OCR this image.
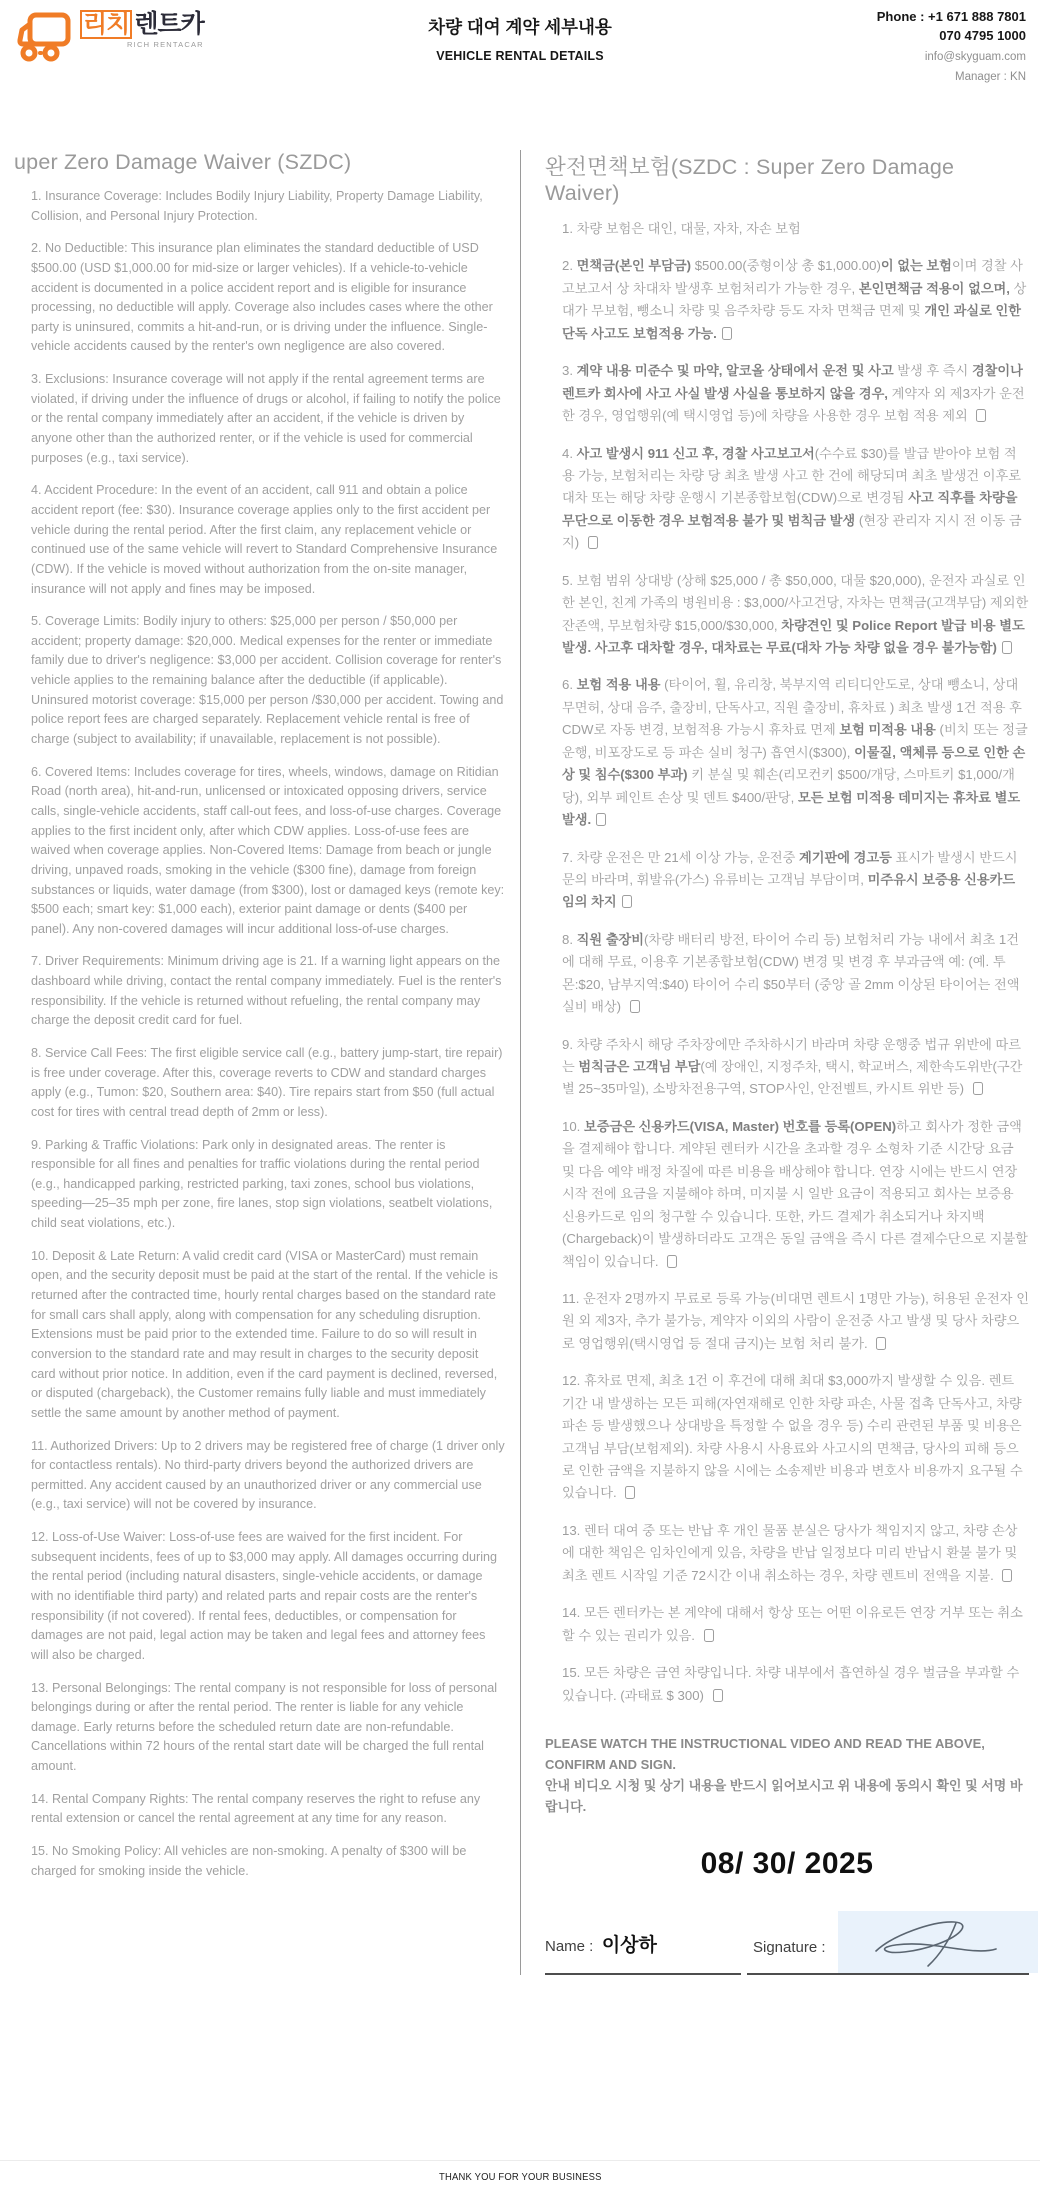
리치 렌트카
RICH RENTACAR
차량 대여 계약 세부내용
VEHICLE RENTAL DETAILS
Phone : +1 671 888 7801
070 4795 1000
info@skyguam.com
Manager : KN
uper Zero Damage Waiver (SZDC)

1. Insurance Coverage: Includes Bodily Injury Liability, Property Damage Liability, Collision, and Personal Injury Protection.

2. No Deductible: This insurance plan eliminates the standard deductible of USD $500.00 (USD $1,000.00 for mid-size or larger vehicles). If a vehicle-to-vehicle accident is documented in a police accident report and is eligible for insurance processing, no deductible will apply. Coverage also includes cases where the other party is uninsured, commits a hit-and-run, or is driving under the influence. Single-vehicle accidents caused by the renter's own negligence are also covered.

3. Exclusions: Insurance coverage will not apply if the rental agreement terms are violated, if driving under the influence of drugs or alcohol, if failing to notify the police or the rental company immediately after an accident, if the vehicle is driven by anyone other than the authorized renter, or if the vehicle is used for commercial purposes (e.g., taxi service).

4. Accident Procedure: In the event of an accident, call 911 and obtain a police accident report (fee: $30). Insurance coverage applies only to the first accident per vehicle during the rental period. After the first claim, any replacement vehicle or continued use of the same vehicle will revert to Standard Comprehensive Insurance (CDW). If the vehicle is moved without authorization from the on-site manager, insurance will not apply and fines may be imposed.

5. Coverage Limits: Bodily injury to others: $25,000 per person / $50,000 per accident; property damage: $20,000. Medical expenses for the renter or immediate family due to driver's negligence: $3,000 per accident. Collision coverage for renter's vehicle applies to the remaining balance after the deductible (if applicable). Uninsured motorist coverage: $15,000 per person /$30,000 per accident. Towing and police report fees are charged separately. Replacement vehicle rental is free of charge (subject to availability; if unavailable, replacement is not possible).

6. Covered Items: Includes coverage for tires, wheels, windows, damage on Ritidian Road (north area), hit-and-run, unlicensed or intoxicated opposing drivers, service calls, single-vehicle accidents, staff call-out fees, and loss-of-use charges. Coverage applies to the first incident only, after which CDW applies. Loss-of-use fees are waived when coverage applies. Non-Covered Items: Damage from beach or jungle driving, unpaved roads, smoking in the vehicle ($300 fine), damage from foreign substances or liquids, water damage (from $300), lost or damaged keys (remote key: $500 each; smart key: $1,000 each), exterior paint damage or dents ($400 per panel). Any non-covered damages will incur additional loss-of-use charges.

7. Driver Requirements: Minimum driving age is 21. If a warning light appears on the dashboard while driving, contact the rental company immediately. Fuel is the renter's responsibility. If the vehicle is returned without refueling, the rental company may charge the deposit credit card for fuel.

8. Service Call Fees: The first eligible service call (e.g., battery jump-start, tire repair) is free under coverage. After this, coverage reverts to CDW and standard charges apply (e.g., Tumon: $20, Southern area: $40). Tire repairs start from $50 (full actual cost for tires with central tread depth of 2mm or less).

9. Parking & Traffic Violations: Park only in designated areas. The renter is responsible for all fines and penalties for traffic violations during the rental period (e.g., handicapped parking, restricted parking, taxi zones, school bus violations, speeding—25–35 mph per zone, fire lanes, stop sign violations, seatbelt violations, child seat violations, etc.).

10. Deposit & Late Return: A valid credit card (VISA or MasterCard) must remain open, and the security deposit must be paid at the start of the rental. If the vehicle is returned after the contracted time, hourly rental charges based on the standard rate for small cars shall apply, along with compensation for any scheduling disruption. Extensions must be paid prior to the extended time. Failure to do so will result in conversion to the standard rate and may result in charges to the security deposit card without prior notice. In addition, even if the card payment is declined, reversed, or disputed (chargeback), the Customer remains fully liable and must immediately settle the same amount by another method of payment.

11. Authorized Drivers: Up to 2 drivers may be registered free of charge (1 driver only for contactless rentals). No third-party drivers beyond the authorized drivers are permitted. Any accident caused by an unauthorized driver or any commercial use (e.g., taxi service) will not be covered by insurance.

12. Loss-of-Use Waiver: Loss-of-use fees are waived for the first incident. For subsequent incidents, fees of up to $3,000 may apply. All damages occurring during the rental period (including natural disasters, single-vehicle accidents, or damage with no identifiable third party) and related parts and repair costs are the renter's responsibility (if not covered). If rental fees, deductibles, or compensation for damages are not paid, legal action may be taken and legal fees and attorney fees will also be charged.

13. Personal Belongings: The rental company is not responsible for loss of personal belongings during or after the rental period. The renter is liable for any vehicle damage. Early returns before the scheduled return date are non-refundable. Cancellations within 72 hours of the rental start date will be charged the full rental amount.

14. Rental Company Rights: The rental company reserves the right to refuse any rental extension or cancel the rental agreement at any time for any reason.

15. No Smoking Policy: All vehicles are non-smoking. A penalty of $300 will be charged for smoking inside the vehicle.

완전면책보험(SZDC : Super Zero Damage Waiver)

1. 차량 보험은 대인, 대물, 자차, 자손 보험

2. 면책금(본인 부담금) $500.00(중형이상 총 $1,000.00)이 없는 보험이며 경찰 사고보고서 상 차대차 발생후 보험처리가 가능한 경우, 본인면책금 적용이 없으며, 상대가 무보험, 뺑소니 차량 및 음주차량 등도 자차 면책금 면제 및 개인 과실로 인한 단독 사고도 보험적용 가능.

3. 계약 내용 미준수 및 마약, 알코올 상태에서 운전 및 사고 발생 후 즉시 경찰이나 렌트카 회사에 사고 사실 발생 사실을 통보하지 않을 경우, 계약자 외 제3자가 운전한 경우, 영업행위(예 택시영업 등)에 차량을 사용한 경우 보험 적용 제외

4. 사고 발생시 911 신고 후, 경찰 사고보고서(수수료 $30)를 발급 받아야 보험 적용 가능, 보험처리는 차량 당 최초 발생 사고 한 건에 해당되며 최초 발생건 이후로 대차 또는 해당 차량 운행시 기본종합보험(CDW)으로 변경됨 사고 직후를 차량을 무단으로 이동한 경우 보험적용 불가 및 범칙금 발생 (현장 관리자 지시 전 이동 금지)

5. 보험 범위 상대방 (상해 $25,000 / 총 $50,000, 대물 $20,000), 운전자 과실로 인한 본인, 친계 가족의 병원비용 : $3,000/사고건당, 자차는 면책금(고객부담) 제외한 잔존액, 무보험차량 $15,000/$30,000, 차량견인 및 Police Report 발급 비용 별도 발생. 사고후 대차할 경우, 대차료는 무료(대차 가능 차량 없을 경우 불가능함)

6. 보험 적용 내용 (타이어, 휠, 유리창, 북부지역 리티디안도로, 상대 뺑소니, 상대 무면허, 상대 음주, 출장비, 단독사고, 직원 출장비, 휴차료 ) 최초 발생 1건 적용 후 CDW로 자동 변경, 보험적용 가능시 휴차료 면제 보험 미적용 내용 (비치 또는 정글 운행, 비포장도로 등 파손 실비 청구) 흡연시($300), 이물질, 액체류 등으로 인한 손상 및 침수($300 부과) 키 분실 및 훼손(리모컨키 $500/개당, 스마트키 $1,000/개당), 외부 페인트 손상 및 덴트 $400/판당, 모든 보험 미적용 데미지는 휴차료 별도 발생.

7. 차량 운전은 만 21세 이상 가능, 운전중 계기판에 경고등 표시가 발생시 반드시 문의 바라며, 휘발유(가스) 유류비는 고객님 부담이며, 미주유시 보증용 신용카드 임의 차지

8. 직원 출장비(차량 배터리 방전, 타이어 수리 등) 보험처리 가능 내에서 최초 1건에 대해 무료, 이용후 기본종합보험(CDW) 변경 및 변경 후 부과금액 예: (예. 투몬:$20, 남부지역:$40) 타이어 수리 $50부터 (중앙 골 2mm 이상된 타이어는 전액 실비 배상)

9. 차량 주차시 해당 주차장에만 주차하시기 바라며 차량 운행중 법규 위반에 따르는 범칙금은 고객님 부담(예 장애인, 지정주차, 택시, 학교버스, 제한속도위반(구간별 25~35마일), 소방차전용구역, STOP사인, 안전벨트, 카시트 위반 등)

10. 보증금은 신용카드(VISA, Master) 번호를 등록(OPEN)하고 회사가 정한 금액을 결제해야 합니다. 계약된 렌터카 시간을 초과할 경우 소형차 기준 시간당 요금 및 다음 예약 배정 차질에 따른 비용을 배상해야 합니다. 연장 시에는 반드시 연장 시작 전에 요금을 지불해야 하며, 미지불 시 일반 요금이 적용되고 회사는 보증용 신용카드로 임의 청구할 수 있습니다. 또한, 카드 결제가 취소되거나 차지백(Chargeback)이 발생하더라도 고객은 동일 금액을 즉시 다른 결제수단으로 지불할 책임이 있습니다.

11. 운전자 2명까지 무료로 등록 가능(비대면 렌트시 1명만 가능), 허용된 운전자 인원 외 제3자, 추가 불가능, 계약자 이외의 사람이 운전중 사고 발생 및 당사 차량으로 영업행위(택시영업 등 절대 금지)는 보험 처리 불가.

12. 휴차료 면제, 최초 1건 이 후건에 대해 최대 $3,000까지 발생할 수 있음. 렌트 기간 내 발생하는 모든 피해(자연재해로 인한 차량 파손, 사물 접촉 단독사고, 차량 파손 등 발생했으나 상대방을 특정할 수 없을 경우 등) 수리 관련된 부품 및 비용은 고객님 부담(보험제외). 차량 사용시 사용료와 사고시의 면책금, 당사의 피해 등으로 인한 금액을 지불하지 않을 시에는 소송제반 비용과 변호사 비용까지 요구될 수 있습니다.

13. 렌터 대여 중 또는 반납 후 개인 물품 분실은 당사가 책임지지 않고, 차량 손상에 대한 책임은 임차인에게 있음, 차량을 반납 일정보다 미리 반납시 환불 불가 및 최초 렌트 시작일 기준 72시간 이내 취소하는 경우, 차량 렌트비 전액을 지불.

14. 모든 렌터카는 본 계약에 대해서 항상 또는 어떤 이유로든 연장 거부 또는 취소할 수 있는 권리가 있음.

15. 모든 차량은 금연 차량입니다. 차량 내부에서 흡연하실 경우 벌금을 부과할 수 있습니다. (과태료 $ 300)

PLEASE WATCH THE INSTRUCTIONAL VIDEO AND READ THE ABOVE, CONFIRM AND SIGN.
안내 비디오 시청 및 상기 내용을 반드시 읽어보시고 위 내용에 동의시 확인 및 서명 바랍니다.
08/ 30/ 2025
Name : 이상하	Signature :
THANK YOU FOR YOUR BUSINESS
